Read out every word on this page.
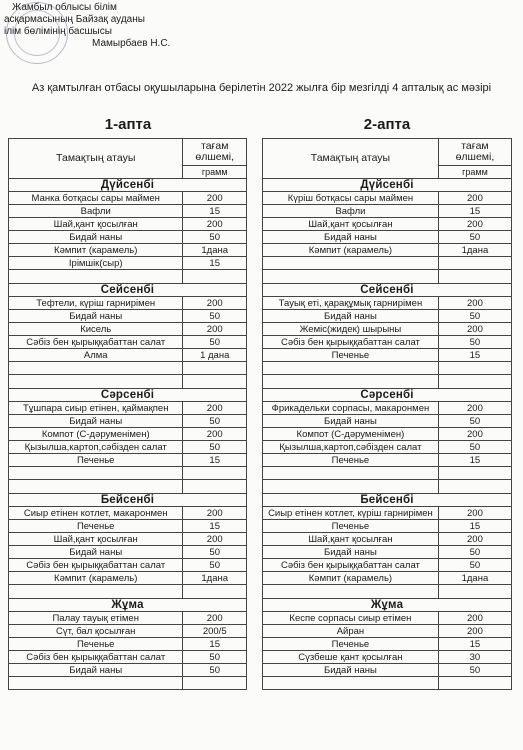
Жамбыл облысы білім
асқармасының Байзақ ауданы
ілім бөлімінің басшысы
Мамырбаев Н.С.
Аз қамтылған отбасы оқушыларына берілетін 2022 жылға бір мезгілді 4 апталық ас мәзірі
1-апта	2-апта
Тамақтың атауы	тағам өлшемі,
	грамм
Дүйсенбі	
Манка ботқасы сары маймен	200
Вафли	15
Шай,қант қосылған	200
Бидай наны	50
Кәмпит (карамель)	1дана
Ірімшік(сыр)	15

Сейсенбі	
Тефтели, күріш гарнирімен	200
Бидай наны	50
Кисель	200
Сәбіз бен қырыққабаттан салат	50
Алма	1 дана

Сәрсенбі	
Тұшпара сиыр етінен, қаймақпен	200
Бидай наны	50
Компот (С-дәруменімен)	200
Қызылша,картоп,сәбізден салат	50
Печенье	15

Бейсенбі	
Сиыр етінен котлет, макаронмен	200
Печенье	15
Шай,қант қосылған	200
Бидай наны	50
Сәбіз бен қырыққабаттан салат	50
Кәмпит (карамель)	1дана

Жұма	
Палау тауық етімен	200
Сүт, бал қосылған	200/5
Печенье	15
Сәбіз бен қырыққабаттан салат	50
Бидай наны	50

Тамақтың атауы	тағам өлшемі,
	грамм
Дүйсенбі	
Күріш ботқасы сары маймен	200
Вафли	15
Шай,қант қосылған	200
Бидай наны	50
Кәмпит (карамель)	1дана

Сейсенбі	
Тауық еті, қарақұмық гарнирімен	200
Бидай наны	50
Жеміс(жидек) шырыны	200
Сәбіз бен қырыққабаттан салат	50
Печенье	15

Сәрсенбі	
Фрикадельки сорпасы, макаронмен	200
Бидай наны	50
Компот (С-дәруменімен)	200
Қызылша,картоп,сәбізден салат	50
Печенье	15

Бейсенбі	
Сиыр етінен котлет, күріш гарнирімен	200
Печенье	15
Шай,қант қосылған	200
Бидай наны	50
Сәбіз бен қырыққабаттан салат	50
Кәмпит (карамель)	1дана

Жұма	
Кеспе сорпасы сиыр етімен	200
Айран	200
Печенье	15
Сүзбеше қант қосылған	30
Бидай наны	50
